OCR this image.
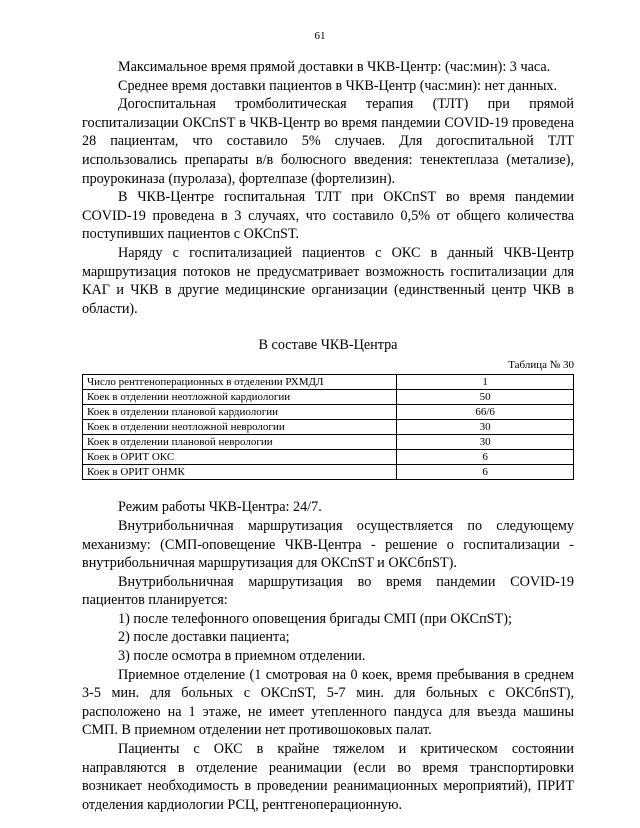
61

Максимальное время прямой доставки в ЧКВ-Центр: (час:мин): 3 часа.

Среднее время доставки пациентов в ЧКВ-Центр (час:мин): нет данных.

Догоспитальная тромболитическая терапия (ТЛТ) при прямой госпитализации ОКСпST в ЧКВ-Центр во время пандемии COVID-19 проведена 28 пациентам, что составило 5% случаев. Для догоспитальной ТЛТ использовались препараты в/в болюсного введения: тенектеплаза (метализе), проурокиназа (пуролаза), фортелпазе (фортелизин).

В ЧКВ-Центре госпитальная ТЛТ при ОКСпST во время пандемии COVID-19 проведена в 3 случаях, что составило 0,5% от общего количества поступивших пациентов с ОКСпST.

Наряду с госпитализацией пациентов с ОКС в данный ЧКВ-Центр маршрутизация потоков не предусматривает возможность госпитализации для КАГ и ЧКВ в другие медицинские организации (единственный центр ЧКВ в области).

В составе ЧКВ-Центра
Таблица № 30
Число рентгеноперационных в отделении РХМДЛ	1
Коек в отделении неотложной кардиологии	50
Коек в отделении плановой кардиологии	66/6
Коек в отделении неотложной неврологии	30
Коек в отделении плановой неврологии	30
Коек в ОРИТ ОКС	6
Коек в ОРИТ ОНМК	6

Режим работы ЧКВ-Центра: 24/7.

Внутрибольничная маршрутизация осуществляется по следующему механизму: (СМП-оповещение ЧКВ-Центра - решение о госпитализации - внутрибольничная маршрутизация для ОКСпST и ОКСбпST).

Внутрибольничная маршрутизация во время пандемии COVID-19 пациентов планируется:

1) после телефонного оповещения бригады СМП (при ОКСпST);

2) после доставки пациента;

3) после осмотра в приемном отделении.

Приемное отделение (1 смотровая на 0 коек, время пребывания в среднем 3-5 мин. для больных с ОКСпST, 5-7 мин. для больных с ОКСбпST), расположено на 1 этаже, не имеет утепленного пандуса для въезда машины СМП. В приемном отделении нет противошоковых палат.

Пациенты с ОКС в крайне тяжелом и критическом состоянии направляются в отделение реанимации (если во время транспортировки возникает необходимость в проведении реанимационных мероприятий), ПРИТ отделения кардиологии РСЦ, рентгеноперационную.
